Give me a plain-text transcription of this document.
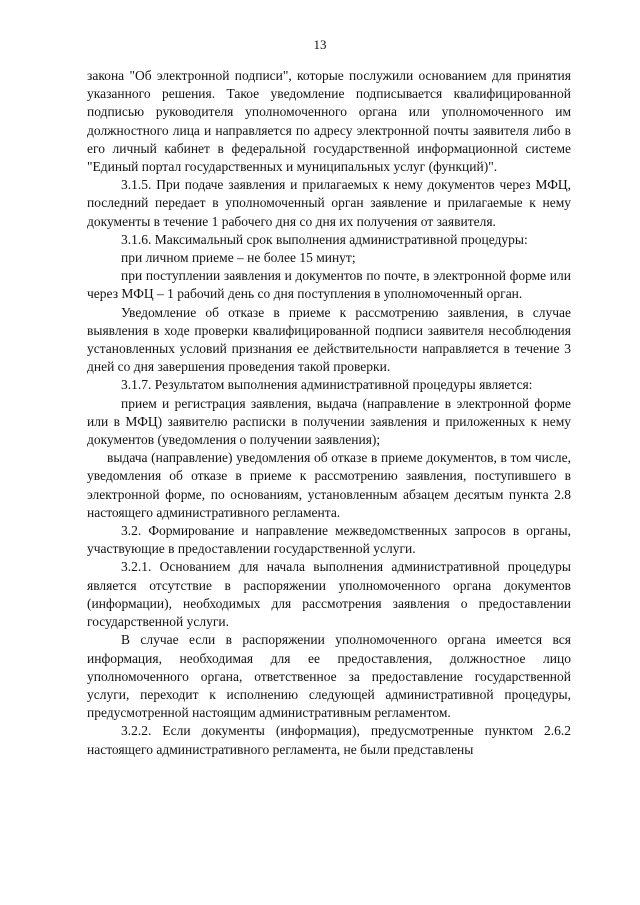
13

закона "Об электронной подписи", которые послужили основанием для принятия указанного решения. Такое уведомление подписывается квалифицированной подписью руководителя уполномоченного органа или уполномоченного им должностного лица и направляется по адресу электронной почты заявителя либо в его личный кабинет в федеральной государственной информационной системе "Единый портал государственных и муниципальных услуг (функций)".

3.1.5. При подаче заявления и прилагаемых к нему документов через МФЦ, последний передает в уполномоченный орган заявление и прилагаемые к нему документы в течение 1 рабочего дня со дня их получения от заявителя.

3.1.6. Максимальный срок выполнения административной процедуры:

при личном приеме – не более 15 минут;

при поступлении заявления и документов по почте, в электронной форме или через МФЦ – 1 рабочий день со дня поступления в уполномоченный орган.

Уведомление об отказе в приеме к рассмотрению заявления, в случае выявления в ходе проверки квалифицированной подписи заявителя несоблюдения установленных условий признания ее действительности направляется в течение 3 дней со дня завершения проведения такой проверки.

3.1.7. Результатом выполнения административной процедуры является:

прием и регистрация заявления, выдача (направление в электронной форме или в МФЦ) заявителю расписки в получении заявления и приложенных к нему документов (уведомления о получении заявления);

выдача (направление) уведомления об отказе в приеме документов, в том числе, уведомления об отказе в приеме к рассмотрению заявления, поступившего в электронной форме, по основаниям, установленным абзацем десятым пункта 2.8 настоящего административного регламента.

3.2. Формирование и направление межведомственных запросов в органы, участвующие в предоставлении государственной услуги.

3.2.1. Основанием для начала выполнения административной процедуры является отсутствие в распоряжении уполномоченного органа документов (информации), необходимых для рассмотрения заявления о предоставлении государственной услуги.

В случае если в распоряжении уполномоченного органа имеется вся информация, необходимая для ее предоставления, должностное лицо уполномоченного органа, ответственное за предоставление государственной услуги, переходит к исполнению следующей административной процедуры, предусмотренной настоящим административным регламентом.

3.2.2. Если документы (информация), предусмотренные пунктом 2.6.2 настоящего административного регламента, не были представлены
